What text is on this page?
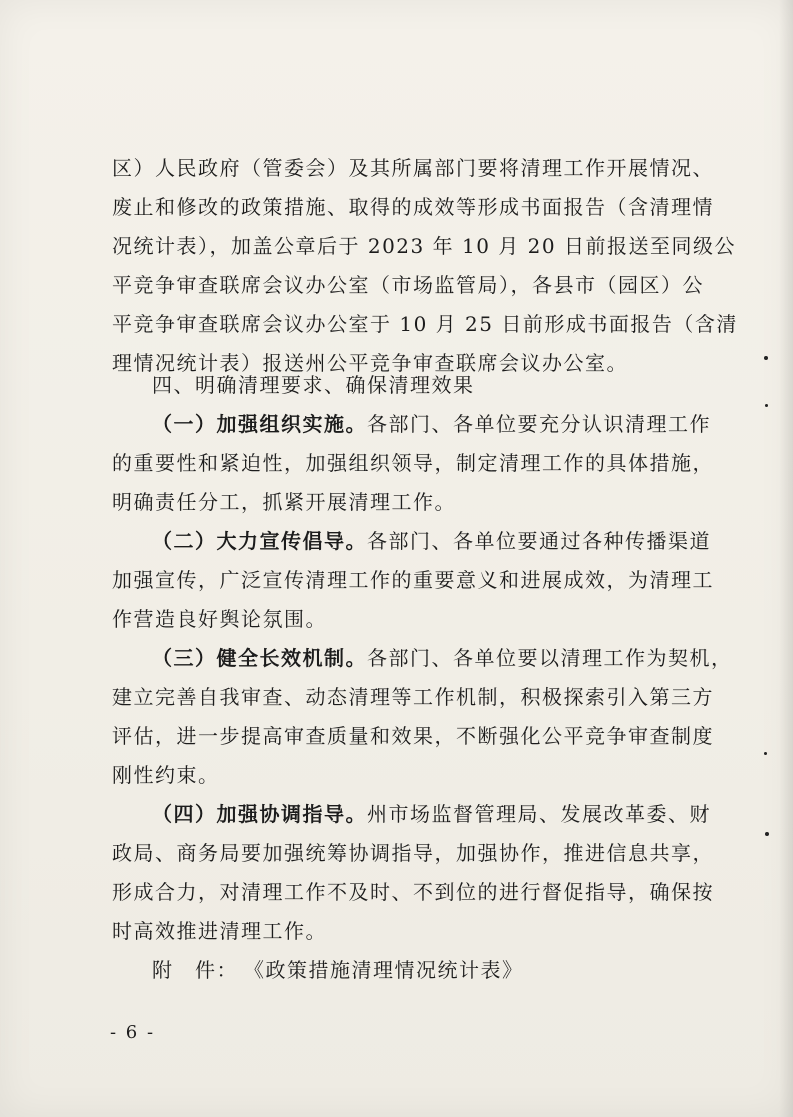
区）人民政府（管委会）及其所属部门要将清理工作开展情况、
废止和修改的政策措施、取得的成效等形成书面报告（含清理情
况统计表），加盖公章后于 2023 年 10 月 20 日前报送至同级公
平竞争审查联席会议办公室（市场监管局），各县市（园区）公
平竞争审查联席会议办公室于 10 月 25 日前形成书面报告（含清
理情况统计表）报送州公平竞争审查联席会议办公室。
四、明确清理要求、确保清理效果
（一）加强组织实施。各部门、各单位要充分认识清理工作
的重要性和紧迫性，加强组织领导，制定清理工作的具体措施，
明确责任分工，抓紧开展清理工作。
（二）大力宣传倡导。各部门、各单位要通过各种传播渠道
加强宣传，广泛宣传清理工作的重要意义和进展成效，为清理工
作营造良好舆论氛围。
（三）健全长效机制。各部门、各单位要以清理工作为契机，
建立完善自我审查、动态清理等工作机制，积极探索引入第三方
评估，进一步提高审查质量和效果，不断强化公平竞争审查制度
刚性约束。
（四）加强协调指导。州市场监督管理局、发展改革委、财
政局、商务局要加强统筹协调指导，加强协作，推进信息共享，
形成合力，对清理工作不及时、不到位的进行督促指导，确保按
时高效推进清理工作。
附　件： 《政策措施清理情况统计表》
- 6 -
